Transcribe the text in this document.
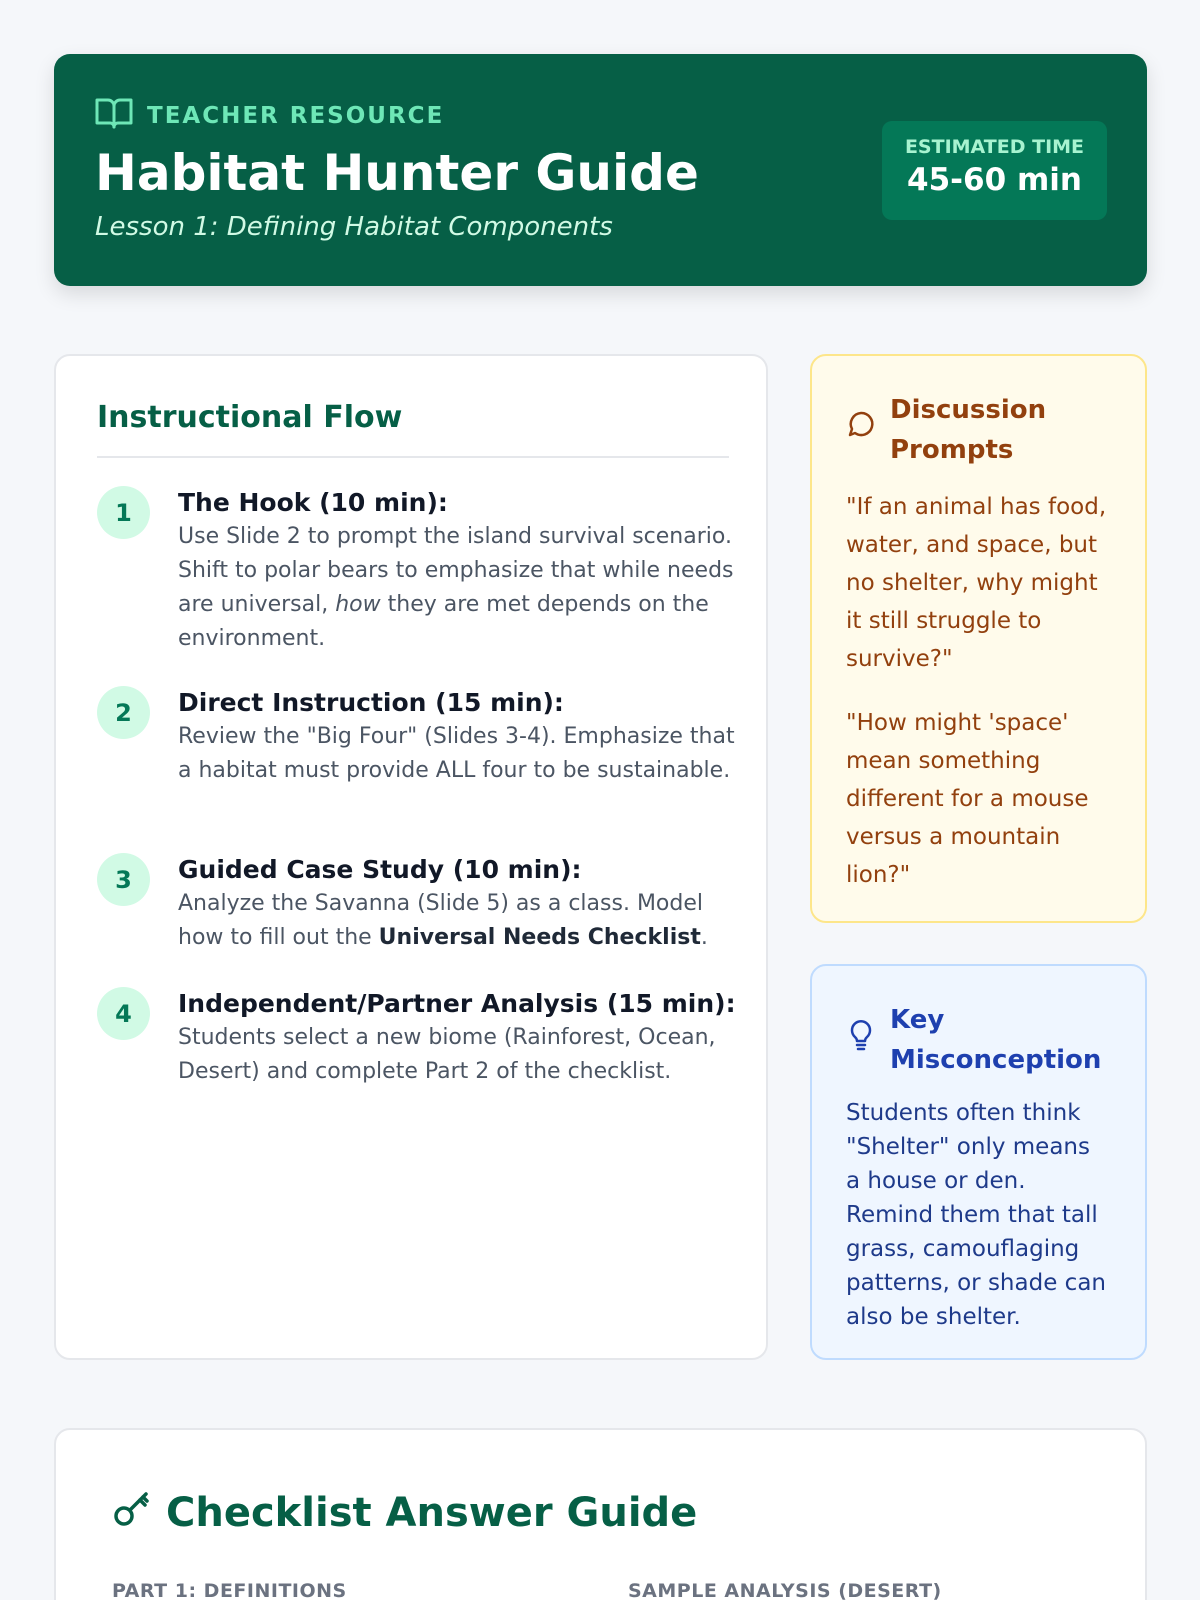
TEACHER RESOURCE
Habitat Hunter Guide
Lesson 1: Defining Habitat Components
ESTIMATED TIME
45-60 min
Instructional Flow
1	The Hook (10 min):
Use Slide 2 to prompt the island survival scenario. Shift to polar bears to emphasize that while needs are universal, how they are met depends on the environment.
2	Direct Instruction (15 min):
Review the "Big Four" (Slides 3-4). Emphasize that a habitat must provide ALL four to be sustainable.
3	Guided Case Study (10 min):
Analyze the Savanna (Slide 5) as a class. Model how to fill out the Universal Needs Checklist.
4	Independent/Partner Analysis (15 min):
Students select a new biome (Rainforest, Ocean, Desert) and complete Part 2 of the checklist.
Discussion Prompts

"If an animal has food, water, and space, but no shelter, why might it still struggle to survive?"

"How might 'space' mean something different for a mouse versus a mountain lion?"

Key Misconception

Students often think "Shelter" only means a house or den. Remind them that tall grass, camouflaging patterns, or shade can also be shelter.

Checklist Answer Guide
PART 1: DEFINITIONS	SAMPLE ANALYSIS (DESERT)
